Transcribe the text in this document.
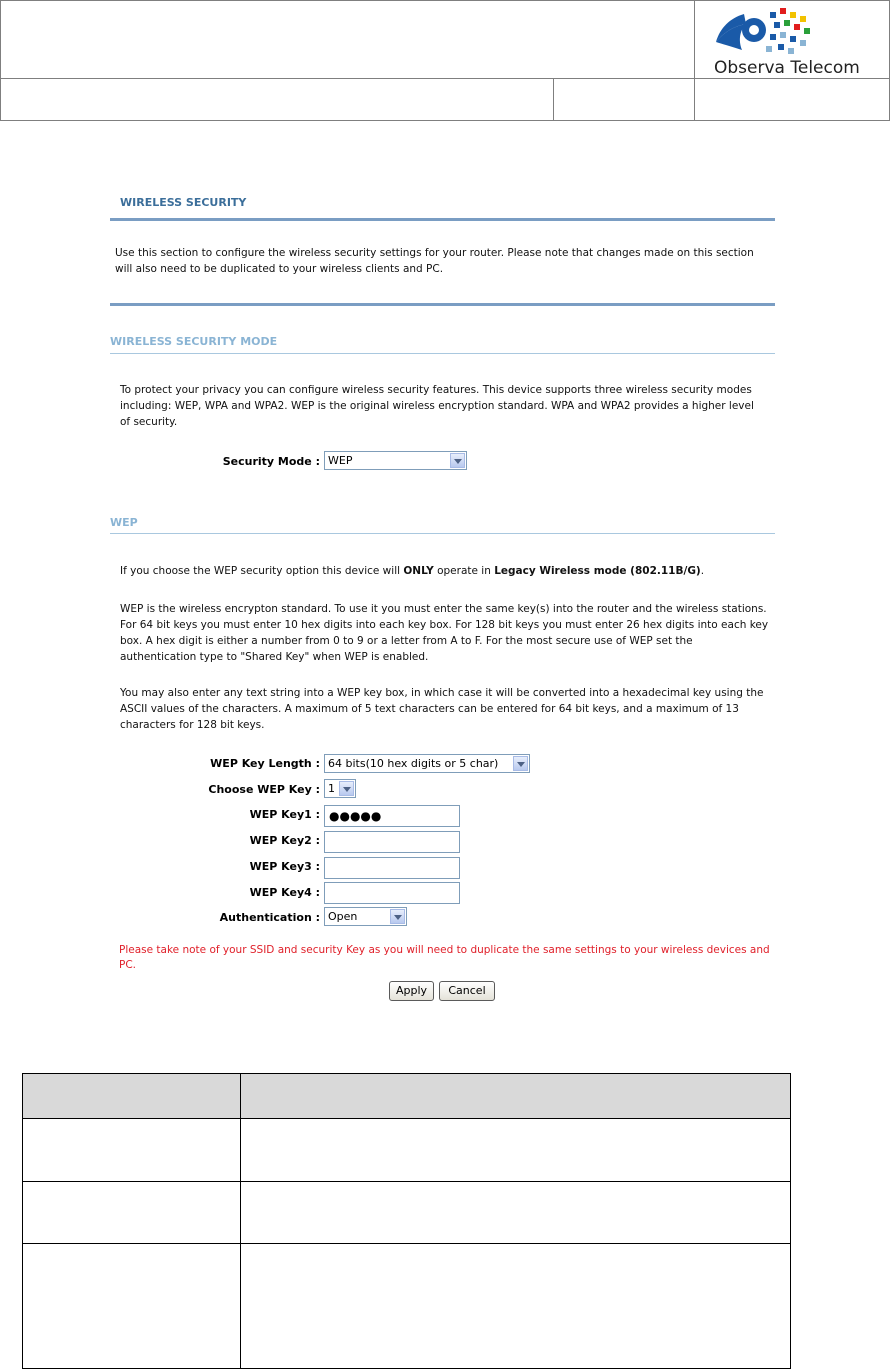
Observa Telecom
WIRELESS SECURITY
Use this section to configure the wireless security settings for your router. Please note that changes made on this section will also need to be duplicated to your wireless clients and PC.
WIRELESS SECURITY MODE
To protect your privacy you can configure wireless security features. This device supports three wireless security modes including: WEP, WPA and WPA2. WEP is the original wireless encryption standard. WPA and WPA2 provides a higher level of security.
Security Mode : WEP
WEP
If you choose the WEP security option this device will ONLY operate in Legacy Wireless mode (802.11B/G).
WEP is the wireless encrypton standard. To use it you must enter the same key(s) into the router and the wireless stations. For 64 bit keys you must enter 10 hex digits into each key box. For 128 bit keys you must enter 26 hex digits into each key box. A hex digit is either a number from 0 to 9 or a letter from A to F. For the most secure use of WEP set the authentication type to "Shared Key" when WEP is enabled.
You may also enter any text string into a WEP key box, in which case it will be converted into a hexadecimal key using the ASCII values of the characters. A maximum of 5 text characters can be entered for 64 bit keys, and a maximum of 13 characters for 128 bit keys.
WEP Key Length : 64 bits(10 hex digits or 5 char)
Choose WEP Key : 1
WEP Key1 : ●●●●●
WEP Key2 :
WEP Key3 :
WEP Key4 :
Authentication : Open
Please take note of your SSID and security Key as you will need to duplicate the same settings to your wireless devices and PC.
Apply	Cancel
